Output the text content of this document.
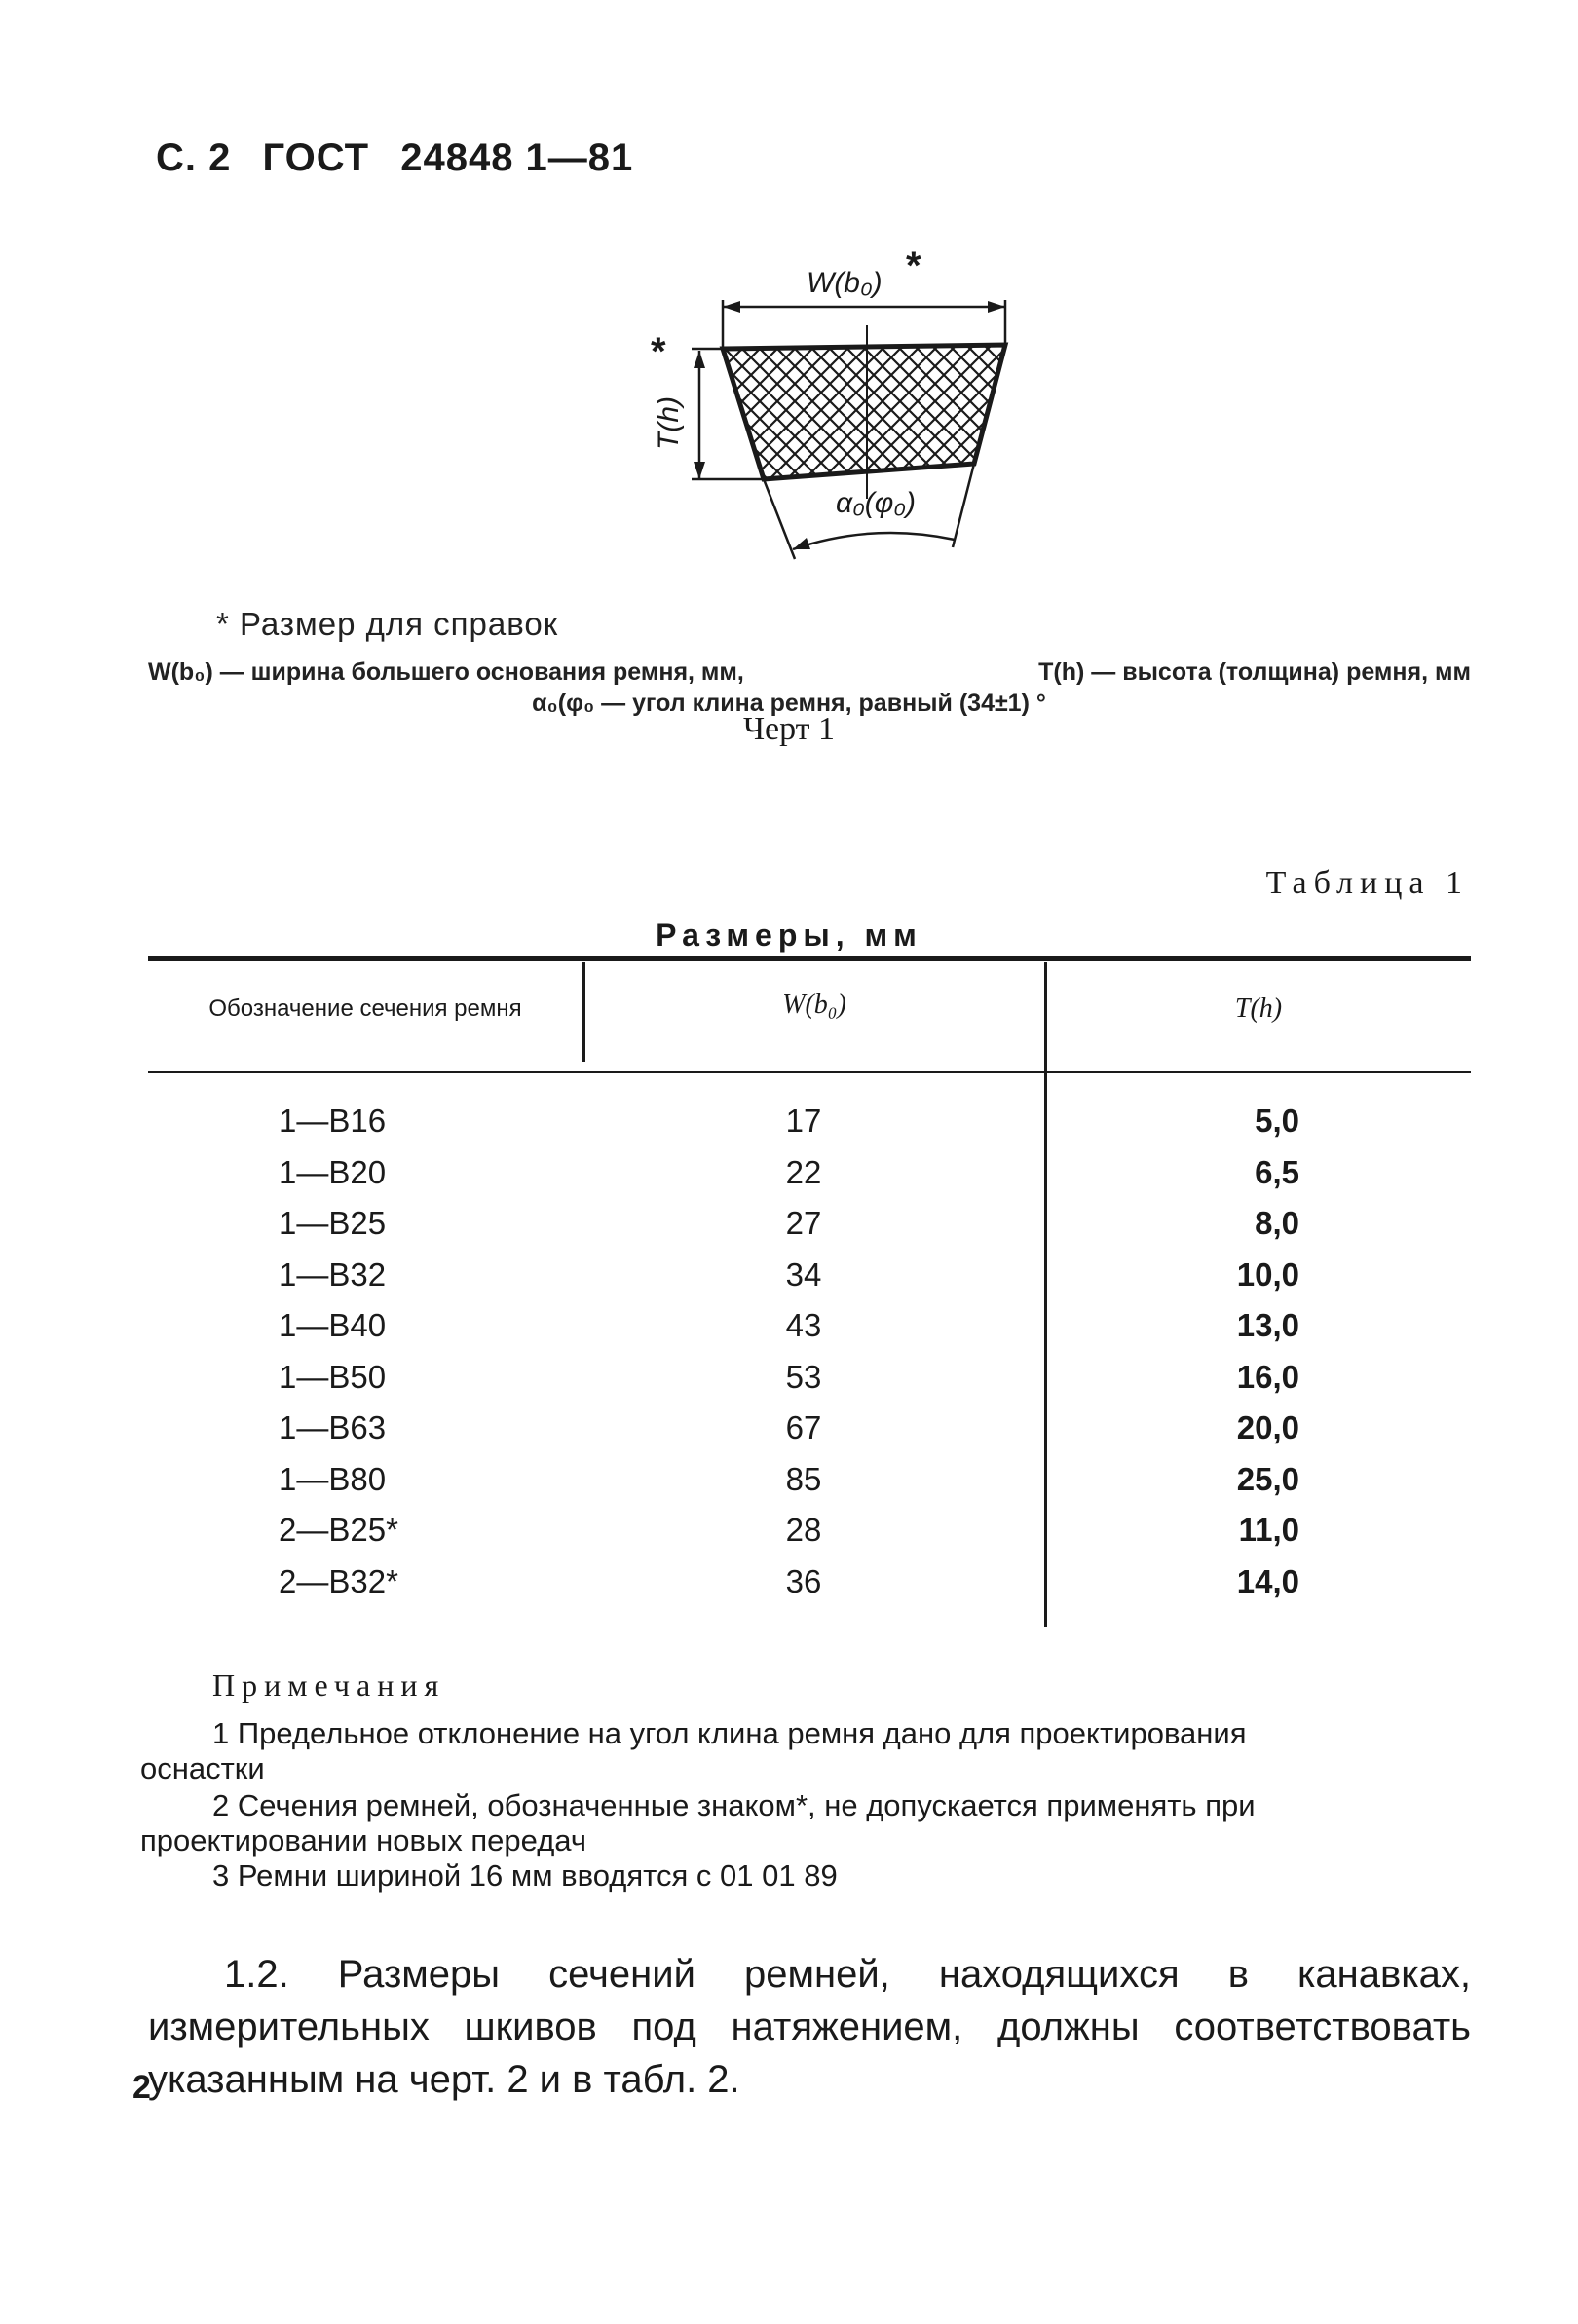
С. 2 ГОСТ 24848 1—81
W(b₀) *
T(h)
*
α₀(φ₀)
* Размер для справок
W(b₀) — ширина большего основания ремня, мм,	T(h) — высота (толщина) ремня, мм
α₀(φ₀ — угол клина ремня, равный (34±1) °
Черт 1
Таблица 1
Размеры, мм
Обозначение сечения ремня	W(b₀)	T(h)
1—В16	17	5,0
1—В20	22	6,5
1—В25	27	8,0
1—В32	34	10,0
1—В40	43	13,0
1—В50	53	16,0
1—В63	67	20,0
1—В80	85	25,0
2—В25*	28	11,0
2—В32*	36	14,0
Примечания
1 Предельное отклонение на угол клина ремня дано для проектирования
оснастки
2 Сечения ремней, обозначенные знаком*, не допускается применять при
проектировании новых передач
3 Ремни шириной 16 мм вводятся с 01 01 89
1.2. Размеры сечений ремней, находящихся в канавках, измерительных шкивов под натяжением, должны соответствовать указанным на черт. 2 и в табл. 2.
2
